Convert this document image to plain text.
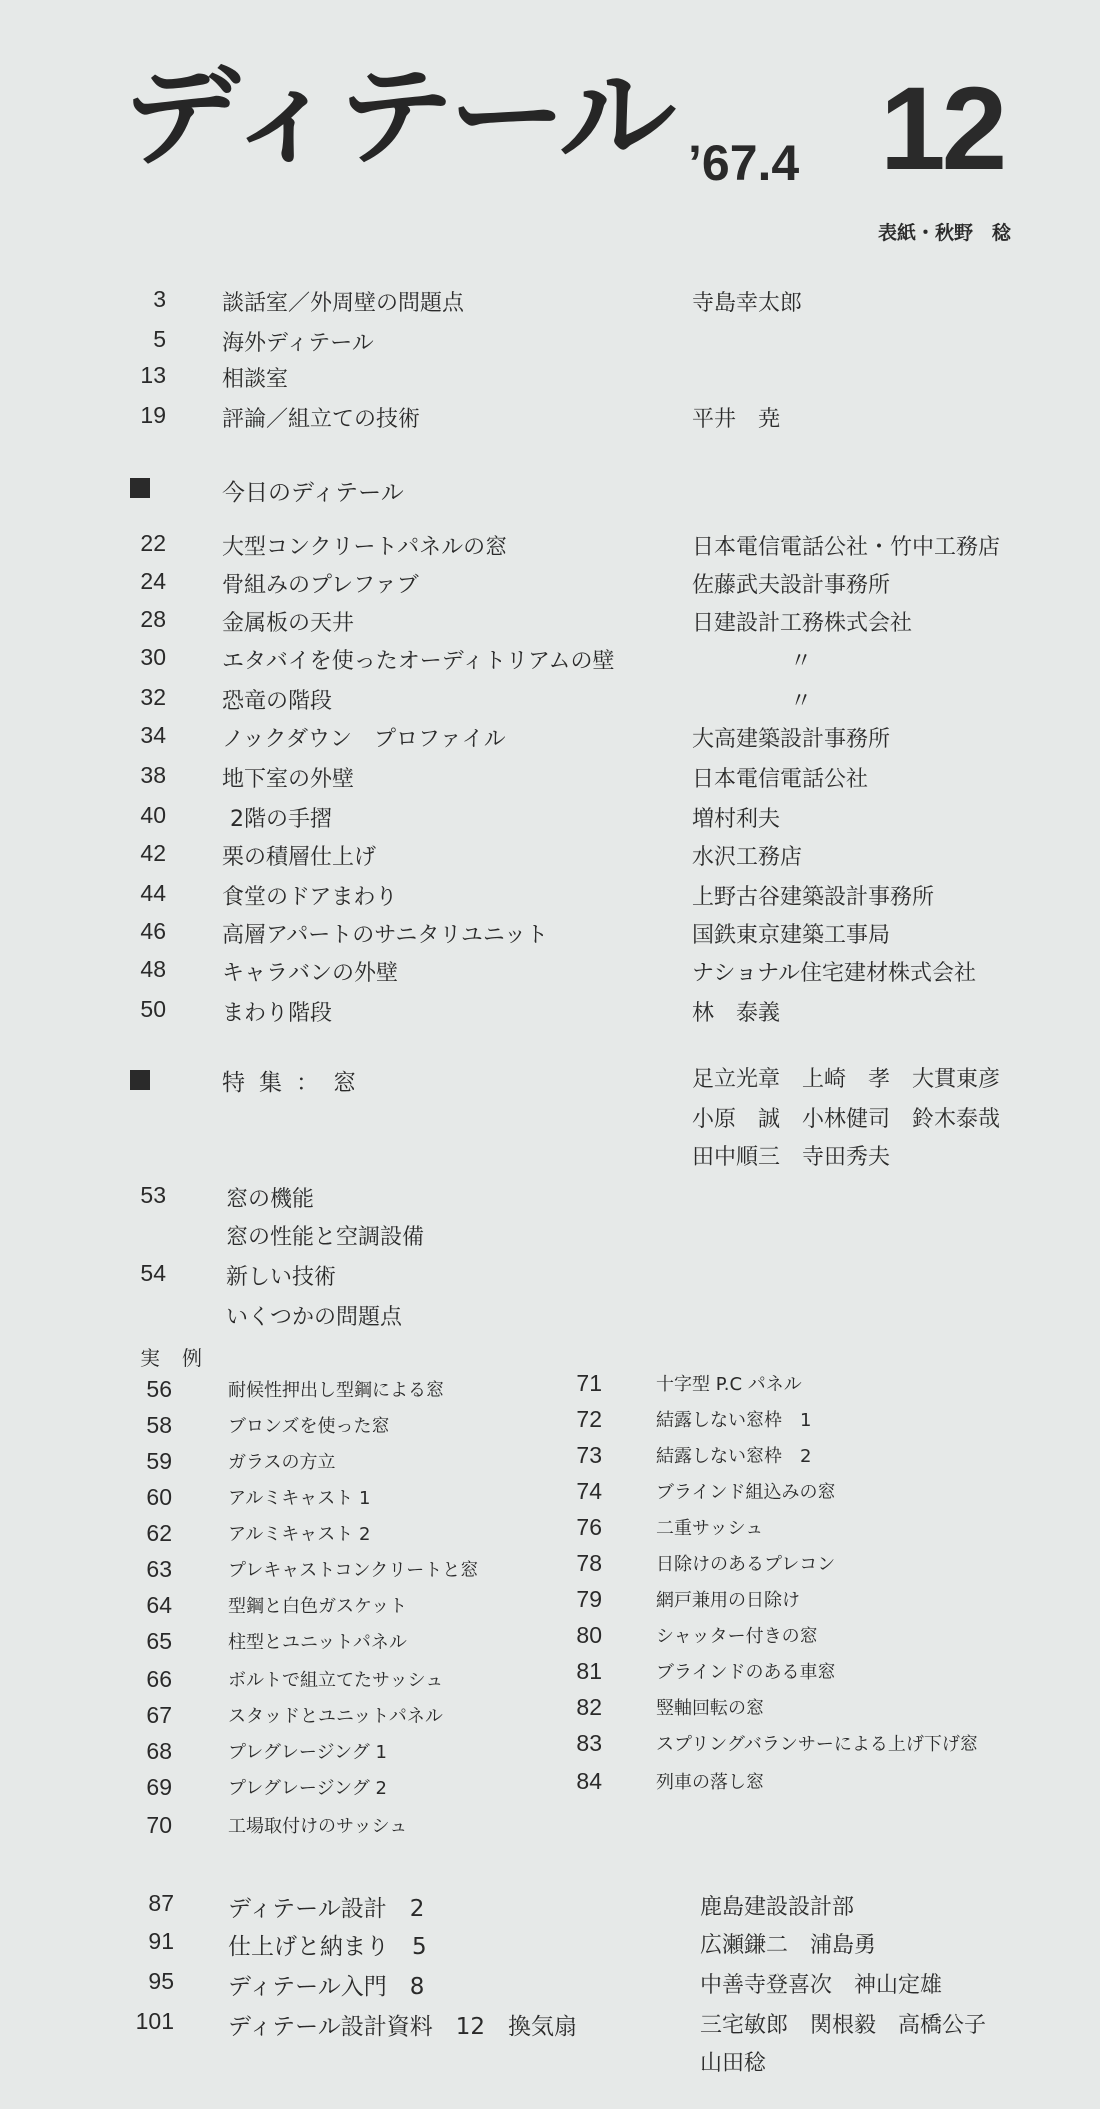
ディテール ’67.4 12
表紙・秋野　稔
3	談話室／外周壁の問題点	寺島幸太郎
5	海外ディテール
13	相談室
19	評論／組立ての技術	平井　尭
今日のディテール
22	大型コンクリートパネルの窓	日本電信電話公社・竹中工務店
24	骨組みのプレファブ	佐藤武夫設計事務所
28	金属板の天井	日建設計工務株式会社
30	エタバイを使ったオーディトリアムの壁	〃
32	恐竜の階段	〃
34	ノックダウン　プロファイル	大高建築設計事務所
38	地下室の外壁	日本電信電話公社
40	2階の手摺	増村利夫
42	栗の積層仕上げ	水沢工務店
44	食堂のドアまわり	上野古谷建築設計事務所
46	高層アパートのサニタリユニット	国鉄東京建築工事局
48	キャラバンの外壁	ナショナル住宅建材株式会社
50	まわり階段	林　泰義
特集：窓	足立光章　上崎　孝　大貫東彦
小原　誠　小林健司　鈴木泰哉
田中順三　寺田秀夫
53	窓の機能
窓の性能と空調設備
54	新しい技術
いくつかの問題点
実例
56	耐候性押出し型鋼による窓
58	ブロンズを使った窓
59	ガラスの方立
60	アルミキャスト 1
62	アルミキャスト 2
63	プレキャストコンクリートと窓
64	型鋼と白色ガスケット
65	柱型とユニットパネル
66	ボルトで組立てたサッシュ
67	スタッドとユニットパネル
68	プレグレージング 1
69	プレグレージング 2
70	工場取付けのサッシュ
71	十字型 P.C パネル
72	結露しない窓枠　1
73	結露しない窓枠　2
74	ブラインド組込みの窓
76	二重サッシュ
78	日除けのあるプレコン
79	網戸兼用の日除け
80	シャッター付きの窓
81	ブラインドのある車窓
82	竪軸回転の窓
83	スプリングバランサーによる上げ下げ窓
84	列車の落し窓
87 ディテール設計　2	鹿島建設設計部
91 仕上げと納まり　5	広瀬鎌二　浦島勇
95 ディテール入門　8	中善寺登喜次　神山定雄
101 ディテール設計資料　12　換気扇	三宅敏郎　関根毅　高橋公子
山田稔
